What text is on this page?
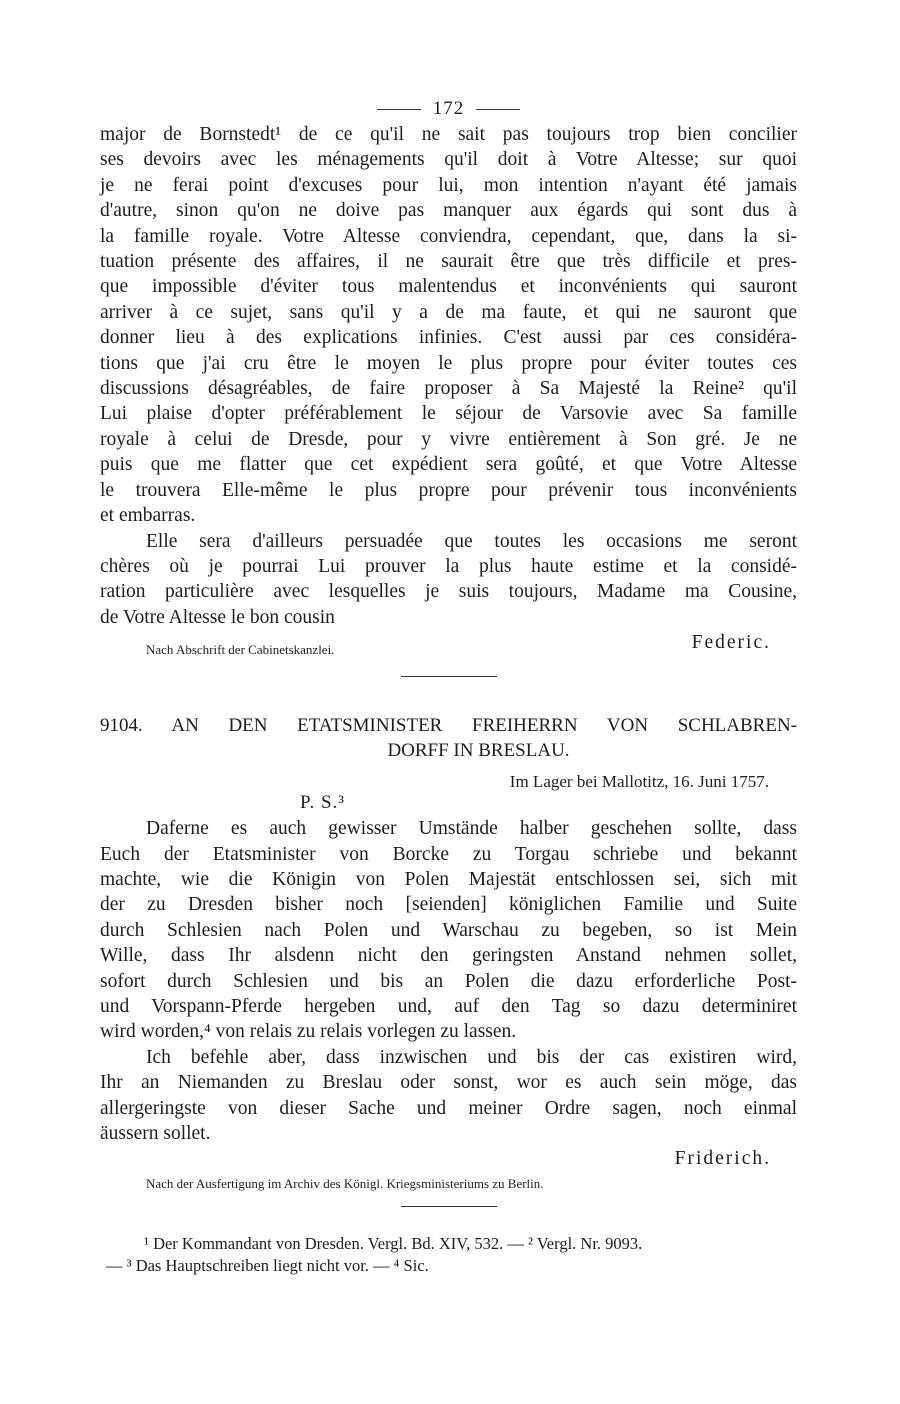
172
major de Bornstedt¹ de ce qu'il ne sait pas toujours trop bien concilier
ses devoirs avec les ménagements qu'il doit à Votre Altesse; sur quoi
je ne ferai point d'excuses pour lui, mon intention n'ayant été jamais
d'autre, sinon qu'on ne doive pas manquer aux égards qui sont dus à
la famille royale. Votre Altesse conviendra, cependant, que, dans la si-
tuation présente des affaires, il ne saurait être que très difficile et pres-
que impossible d'éviter tous malentendus et inconvénients qui sauront
arriver à ce sujet, sans qu'il y a de ma faute, et qui ne sauront que
donner lieu à des explications infinies. C'est aussi par ces considéra-
tions que j'ai cru être le moyen le plus propre pour éviter toutes ces
discussions désagréables, de faire proposer à Sa Majesté la Reine² qu'il
Lui plaise d'opter préférablement le séjour de Varsovie avec Sa famille
royale à celui de Dresde, pour y vivre entièrement à Son gré. Je ne
puis que me flatter que cet expédient sera goûté, et que Votre Altesse
le trouvera Elle-même le plus propre pour prévenir tous inconvénients
et embarras.
Elle sera d'ailleurs persuadée que toutes les occasions me seront
chères où je pourrai Lui prouver la plus haute estime et la considé-
ration particulière avec lesquelles je suis toujours, Madame ma Cousine,
de Votre Altesse le bon cousin
Nach Abschrift der Cabinetskanzlei.	Federic.
9104. AN DEN ETATSMINISTER FREIHERRN VON SCHLABREN-
DORFF IN BRESLAU.
Im Lager bei Mallotitz, 16. Juni 1757.
P. S.³
Daferne es auch gewisser Umstände halber geschehen sollte, dass
Euch der Etatsminister von Borcke zu Torgau schriebe und bekannt
machte, wie die Königin von Polen Majestät entschlossen sei, sich mit
der zu Dresden bisher noch [seienden] königlichen Familie und Suite
durch Schlesien nach Polen und Warschau zu begeben, so ist Mein
Wille, dass Ihr alsdenn nicht den geringsten Anstand nehmen sollet,
sofort durch Schlesien und bis an Polen die dazu erforderliche Post-
und Vorspann-Pferde hergeben und, auf den Tag so dazu determiniret
wird worden,⁴ von relais zu relais vorlegen zu lassen.
Ich befehle aber, dass inzwischen und bis der cas existiren wird,
Ihr an Niemanden zu Breslau oder sonst, wor es auch sein möge, das
allergeringste von dieser Sache und meiner Ordre sagen, noch einmal
äussern sollet.
Friderich.
Nach der Ausfertigung im Archiv des Königl. Kriegsministeriums zu Berlin.
¹ Der Kommandant von Dresden. Vergl. Bd. XIV, 532. — ² Vergl. Nr. 9093.
— ³ Das Hauptschreiben liegt nicht vor. — ⁴ Sic.
